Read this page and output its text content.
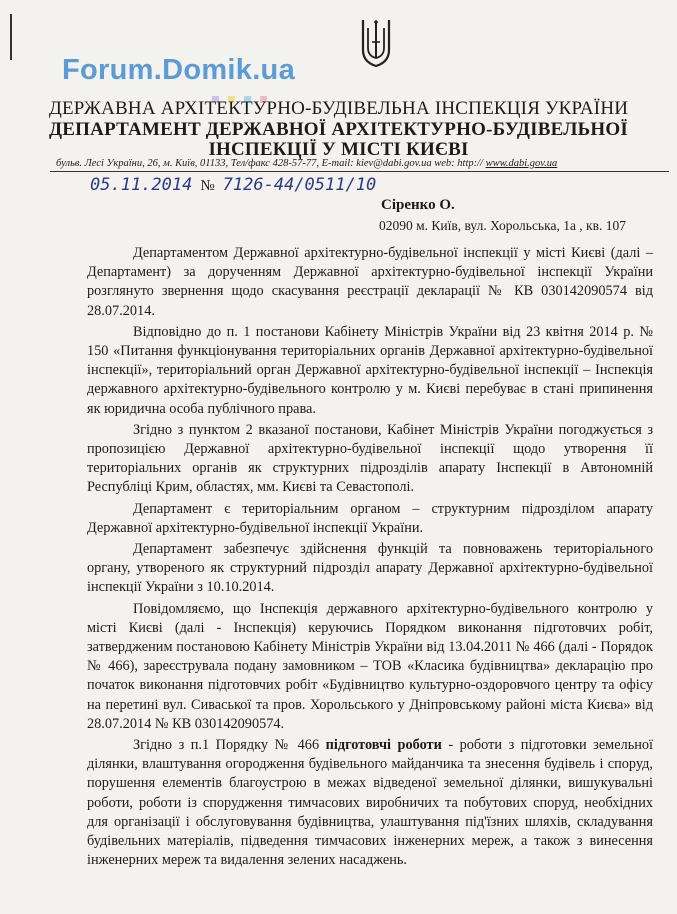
Forum.Domik.ua
ДЕРЖАВНА АРХІТЕКТУРНО-БУДІВЕЛЬНА ІНСПЕКЦІЯ УКРАЇНИ
ДЕПАРТАМЕНТ ДЕРЖАВНОЇ АРХІТЕКТУРНО-БУДІВЕЛЬНОЇ
ІНСПЕКЦІЇ У МІСТІ КИЄВІ
бульв. Лесі України, 26, м. Київ, 01133, Тел/факс 428-57-77, E-mail: kiev@dabi.gov.ua web: http:// www.dabi.gov.ua
05.11.2014 № 7126-44/0511/10
Сіренко О.
02090 м. Київ, вул. Хорольська, 1а , кв. 107

Департаментом Державної архітектурно-будівельної інспекції у місті Києві (далі – Департамент) за дорученням Державної архітектурно-будівельної інспекції України розглянуто звернення щодо скасування реєстрації декларації № КВ 030142090574 від 28.07.2014.

Відповідно до п. 1 постанови Кабінету Міністрів України від 23 квітня 2014 р. № 150 «Питання функціонування територіальних органів Державної архітектурно-будівельної інспекції», територіальний орган Державної архітектурно-будівельної інспекції – Інспекція державного архітектурно-будівельного контролю у м. Києві перебуває в стані припинення як юридична особа публічного права.

Згідно з пунктом 2 вказаної постанови, Кабінет Міністрів України погоджується з пропозицією Державної архітектурно-будівельної інспекції щодо утворення її територіальних органів як структурних підрозділів апарату Інспекції в Автономній Республіці Крим, областях, мм. Києві та Севастополі.

Департамент є територіальним органом – структурним підрозділом апарату Державної архітектурно-будівельної інспекції України.

Департамент забезпечує здійснення функцій та повноважень територіального органу, утвореного як структурний підрозділ апарату Державної архітектурно-будівельної інспекції України з 10.10.2014.

Повідомляємо, що Інспекція державного архітектурно-будівельного контролю у місті Києві (далі - Інспекція) керуючись Порядком виконання підготовчих робіт, затвердженим постановою Кабінету Міністрів України від 13.04.2011 № 466 (далі - Порядок № 466), зареєструвала подану замовником – ТОВ «Класика будівництва» декларацію про початок виконання підготовчих робіт «Будівництво культурно-оздоровчого центру та офісу на перетині вул. Сиваської та пров. Хорольського у Дніпровському районі міста Києва» від 28.07.2014 № КВ 030142090574.

Згідно з п.1 Порядку № 466 підготовчі роботи - роботи з підготовки земельної ділянки, влаштування огородження будівельного майданчика та знесення будівель і споруд, порушення елементів благоустрою в межах відведеної земельної ділянки, вишукувальні роботи, роботи із спорудження тимчасових виробничих та побутових споруд, необхідних для організації і обслуговування будівництва, улаштування під'їзних шляхів, складування будівельних матеріалів, підведення тимчасових інженерних мереж, а також з винесення інженерних мереж та видалення зелених насаджень.
